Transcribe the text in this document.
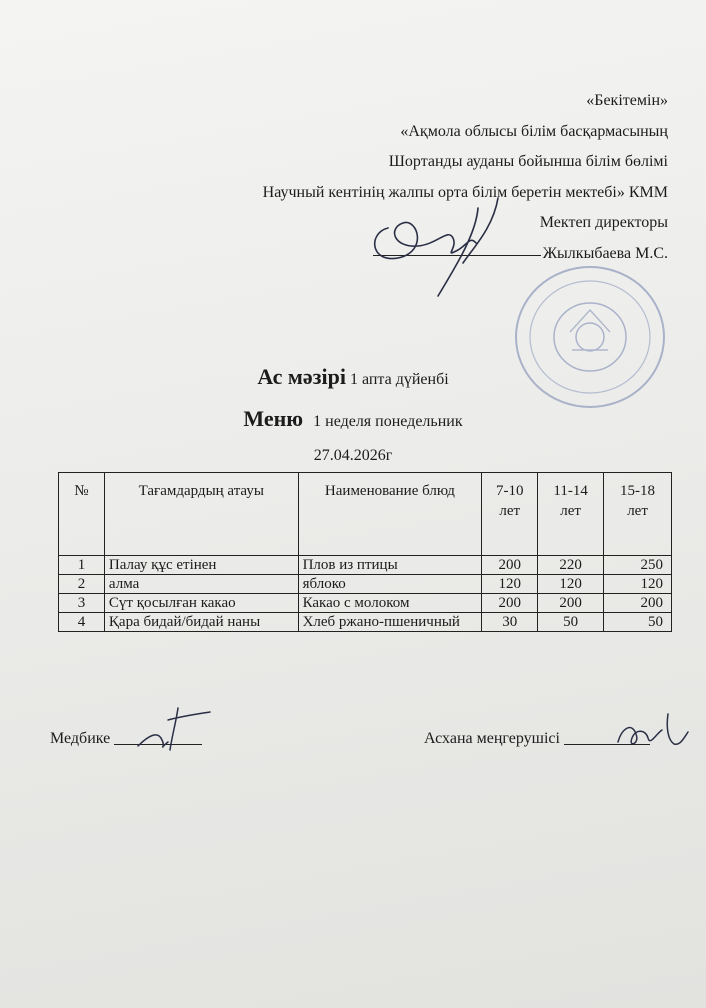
«Бекітемін»
«Ақмола облысы білім басқармасының
Шортанды ауданы бойынша білім бөлімі
Научный кентінің жалпы орта білім беретін мектебі» КММ
Мектеп директоры
Жылкыбаева М.С.
Ас мәзірі 1 апта дүйенбі
Меню 1 неделя понедельник
27.04.2026г
№	Тағамдардың атауы	Наименование блюд	7-10 лет	11-14 лет	15-18 лет
1	Палау құс етінен	Плов из птицы	200	220	250
2	алма	яблоко	120	120	120
3	Сүт қосылған какао	Какао с молоком	200	200	200
4	Қара бидай/бидай наны	Хлеб ржано-пшеничный	30	50	50
Медбике	Асхана меңгерушісі
